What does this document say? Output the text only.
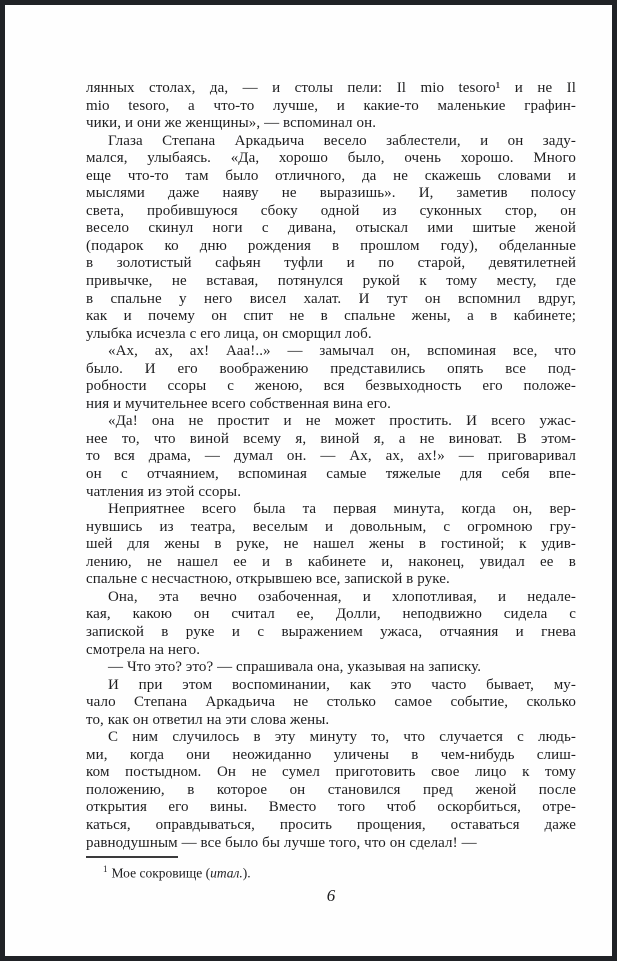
лянных столах, да, — и столы пели: Il mio tesoro¹ и не Il
mio tesoro, а что-то лучше, и какие-то маленькие графин-
чики, и они же женщины», — вспоминал он.
Глаза Степана Аркадьича весело заблестели, и он заду-
мался, улыбаясь. «Да, хорошо было, очень хорошо. Много
еще что-то там было отличного, да не скажешь словами и
мыслями даже наяву не выразишь». И, заметив полосу
света, пробившуюся сбоку одной из суконных стор, он
весело скинул ноги с дивана, отыскал ими шитые женой
(подарок ко дню рождения в прошлом году), обделанные
в золотистый сафьян туфли и по старой, девятилетней
привычке, не вставая, потянулся рукой к тому месту, где
в спальне у него висел халат. И тут он вспомнил вдруг,
как и почему он спит не в спальне жены, а в кабинете;
улыбка исчезла с его лица, он сморщил лоб.
«Ах, ах, ах! Ааа!..» — замычал он, вспоминая все, что
было. И его воображению представились опять все под-
робности ссоры с женою, вся безвыходность его положе-
ния и мучительнее всего собственная вина его.
«Да! она не простит и не может простить. И всего ужас-
нее то, что виной всему я, виной я, а не виноват. В этом-
то вся драма, — думал он. — Ах, ах, ах!» — приговаривал
он с отчаянием, вспоминая самые тяжелые для себя впе-
чатления из этой ссоры.
Неприятнее всего была та первая минута, когда он, вер-
нувшись из театра, веселым и довольным, с огромною гру-
шей для жены в руке, не нашел жены в гостиной; к удив-
лению, не нашел ее и в кабинете и, наконец, увидал ее в
спальне с несчастною, открывшею все, запиской в руке.
Она, эта вечно озабоченная, и хлопотливая, и недале-
кая, какою он считал ее, Долли, неподвижно сидела с
запиской в руке и с выражением ужаса, отчаяния и гнева
смотрела на него.
— Что это? это? — спрашивала она, указывая на записку.
И при этом воспоминании, как это часто бывает, му-
чало Степана Аркадьича не столько самое событие, сколько
то, как он ответил на эти слова жены.
С ним случилось в эту минуту то, что случается с людь-
ми, когда они неожиданно уличены в чем-нибудь слиш-
ком постыдном. Он не сумел приготовить свое лицо к тому
положению, в которое он становился пред женой после
открытия его вины. Вместо того чтоб оскорбиться, отре-
каться, оправдываться, просить прощения, оставаться даже
равнодушным — все было бы лучше того, что он сделал! —
$^1$ Мое сокровище (итал.).
6
